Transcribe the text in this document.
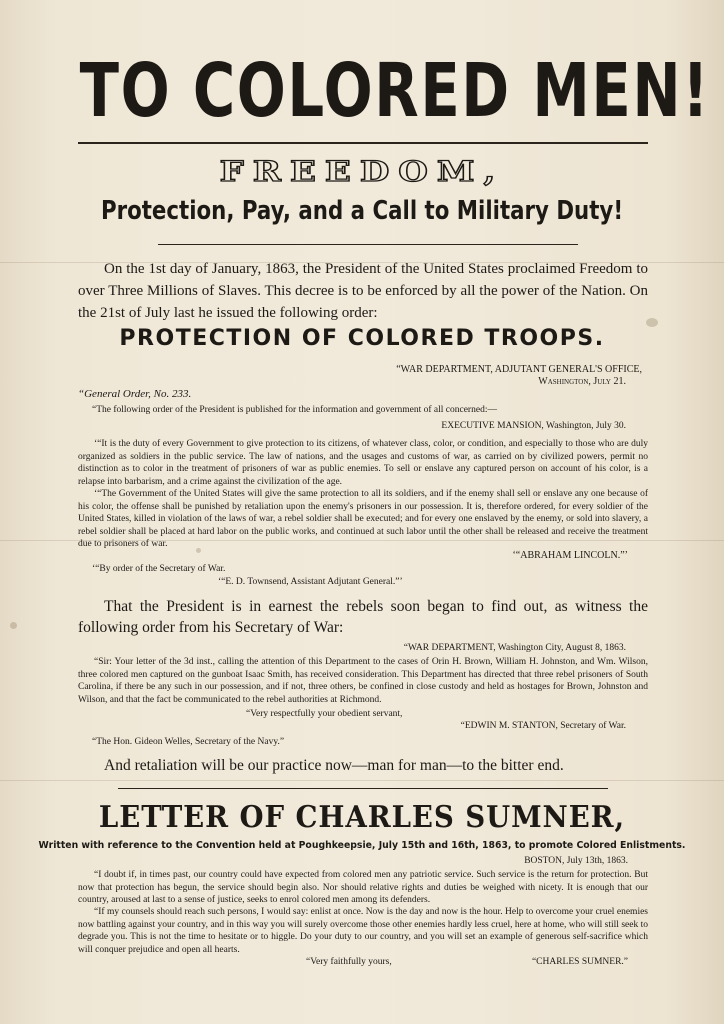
TO COLORED MEN!
FREEDOM,
Protection, Pay, and a Call to Military Duty!
On the 1st day of January, 1863, the President of the United States proclaimed Freedom to over Three Millions of Slaves. This decree is to be enforced by all the power of the Nation. On the 21st of July last he issued the following order:
PROTECTION OF COLORED TROOPS.
“WAR DEPARTMENT, ADJUTANT GENERAL'S OFFICE,
Washington, July 21.
“General Order, No. 233.
“The following order of the President is published for the information and government of all concerned:—
EXECUTIVE MANSION, Washington, July 30.
‘“It is the duty of every Government to give protection to its citizens, of whatever class, color, or condition, and especially to those who are duly organized as soldiers in the public service. The law of nations, and the usages and customs of war, as carried on by civilized powers, permit no distinction as to color in the treatment of prisoners of war as public enemies. To sell or enslave any captured person on account of his color, is a relapse into barbarism, and a crime against the civilization of the age.
‘“The Government of the United States will give the same protection to all its soldiers, and if the enemy shall sell or enslave any one because of his color, the offense shall be punished by retaliation upon the enemy's prisoners in our possession. It is, therefore ordered, for every soldier of the United States, killed in violation of the laws of war, a rebel soldier shall be executed; and for every one enslaved by the enemy, or sold into slavery, a rebel soldier shall be placed at hard labor on the public works, and continued at such labor until the other shall be released and receive the treatment due to prisoners of war.
‘“ABRAHAM LINCOLN.”’
‘“By order of the Secretary of War.
‘“E. D. Townsend, Assistant Adjutant General.”’
That the President is in earnest the rebels soon began to find out, as witness the following order from his Secretary of War:
“WAR DEPARTMENT, Washington City, August 8, 1863.
“Sir: Your letter of the 3d inst., calling the attention of this Department to the cases of Orin H. Brown, William H. Johnston, and Wm. Wilson, three colored men captured on the gunboat Isaac Smith, has received consideration. This Department has directed that three rebel prisoners of South Carolina, if there be any such in our possession, and if not, three others, be confined in close custody and held as hostages for Brown, Johnston and Wilson, and that the fact be communicated to the rebel authorities at Richmond.
“Very respectfully your obedient servant,
“EDWIN M. STANTON, Secretary of War.
“The Hon. Gideon Welles, Secretary of the Navy.”
And retaliation will be our practice now—man for man—to the bitter end.
LETTER OF CHARLES SUMNER,
Written with reference to the Convention held at Poughkeepsie, July 15th and 16th, 1863, to promote Colored Enlistments.
BOSTON, July 13th, 1863.
“I doubt if, in times past, our country could have expected from colored men any patriotic service. Such service is the return for protection. But now that protection has begun, the service should begin also. Nor should relative rights and duties be weighed with nicety. It is enough that our country, aroused at last to a sense of justice, seeks to enrol colored men among its defenders.
“If my counsels should reach such persons, I would say: enlist at once. Now is the day and now is the hour. Help to overcome your cruel enemies now battling against your country, and in this way you will surely overcome those other enemies hardly less cruel, here at home, who will still seek to degrade you. This is not the time to hesitate or to higgle. Do your duty to our country, and you will set an example of generous self-sacrifice which will conquer prejudice and open all hearts.
“Very faithfully yours,	“CHARLES SUMNER.”
